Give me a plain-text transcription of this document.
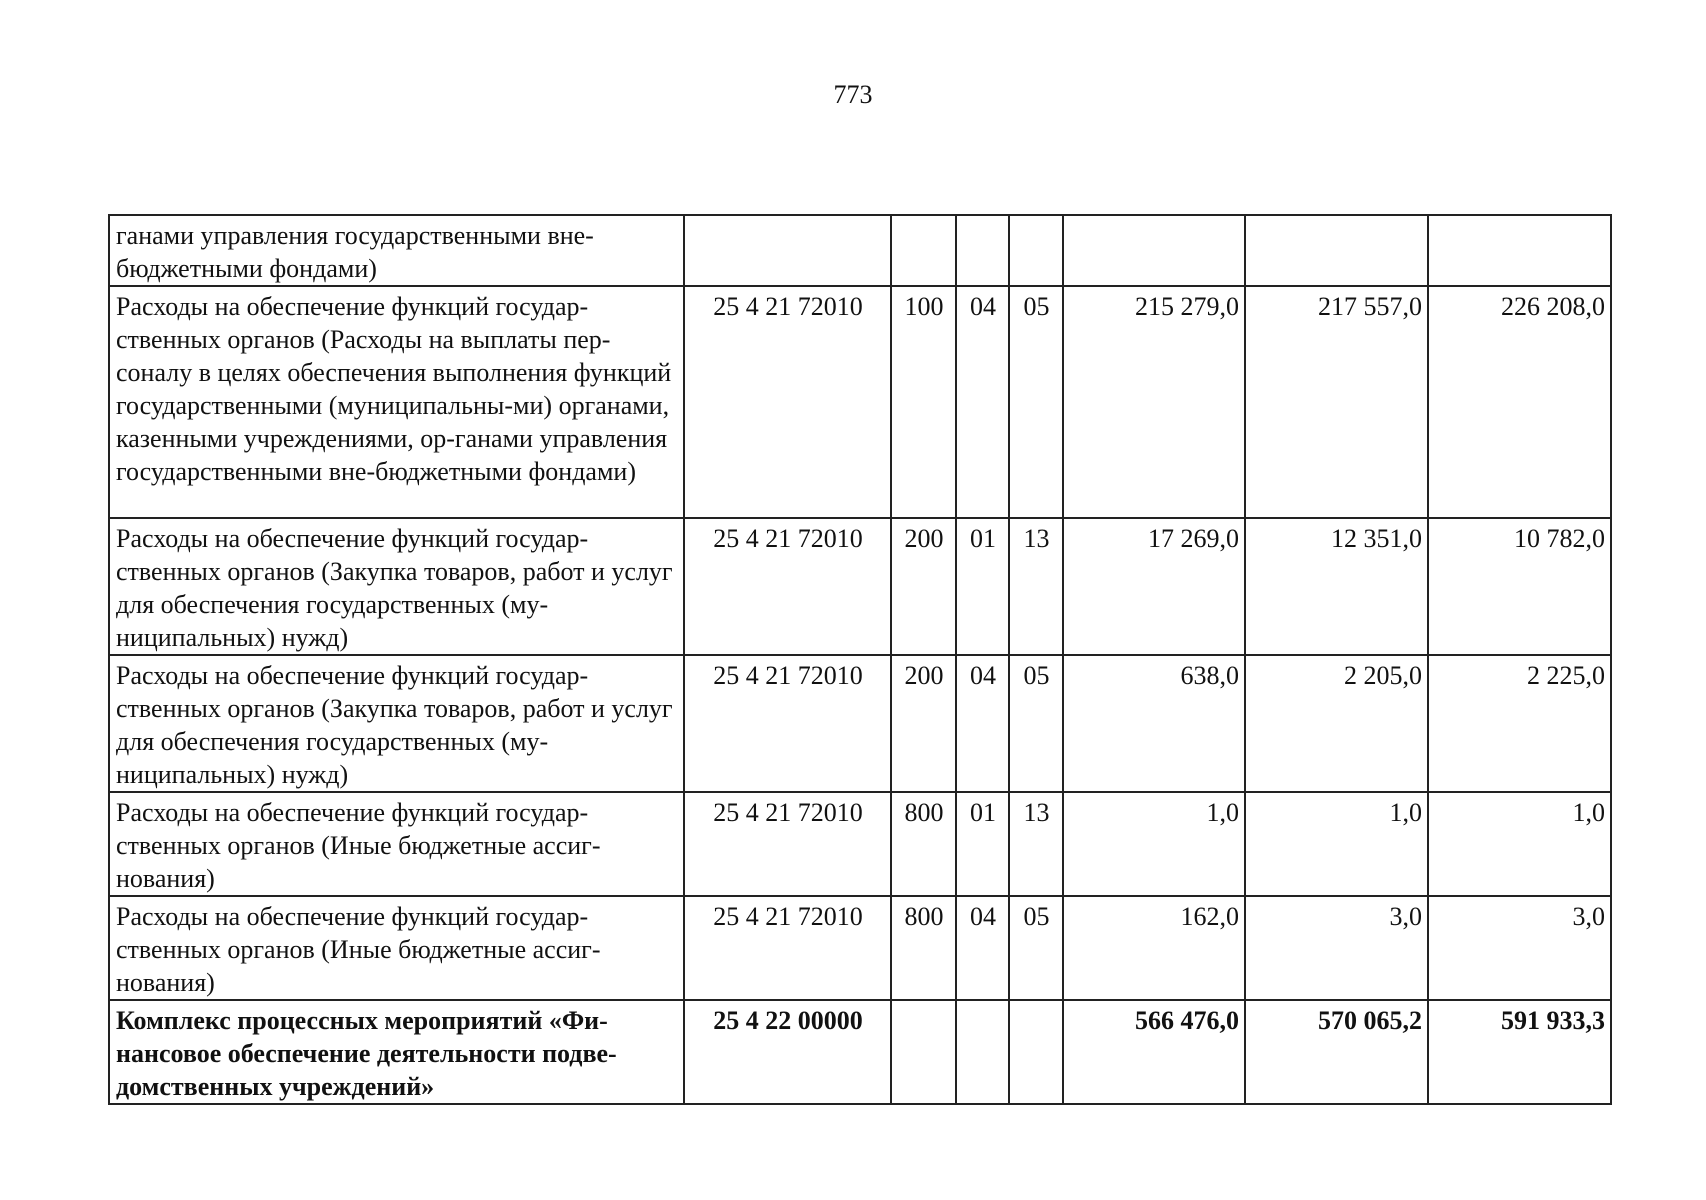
773
ганами управления государственными вне-бюджетными фондами)							
Расходы на обеспечение функций государ-ственных органов (Расходы на выплаты пер-соналу в целях обеспечения выполнения функций государственными (муниципальны-ми) органами, казенными учреждениями, ор-ганами управления государственными вне-бюджетными фондами)	25 4 21 72010	100	04	05	215 279,0	217 557,0	226 208,0
Расходы на обеспечение функций государ-ственных органов (Закупка товаров, работ и услуг для обеспечения государственных (му-ниципальных) нужд)	25 4 21 72010	200	01	13	17 269,0	12 351,0	10 782,0
Расходы на обеспечение функций государ-ственных органов (Закупка товаров, работ и услуг для обеспечения государственных (му-ниципальных) нужд)	25 4 21 72010	200	04	05	638,0	2 205,0	2 225,0
Расходы на обеспечение функций государ-ственных органов (Иные бюджетные ассиг-нования)	25 4 21 72010	800	01	13	1,0	1,0	1,0
Расходы на обеспечение функций государ-ственных органов (Иные бюджетные ассиг-нования)	25 4 21 72010	800	04	05	162,0	3,0	3,0
Комплекс процессных мероприятий «Фи-нансовое обеспечение деятельности подве-домственных учреждений»	25 4 22 00000				566 476,0	570 065,2	591 933,3
